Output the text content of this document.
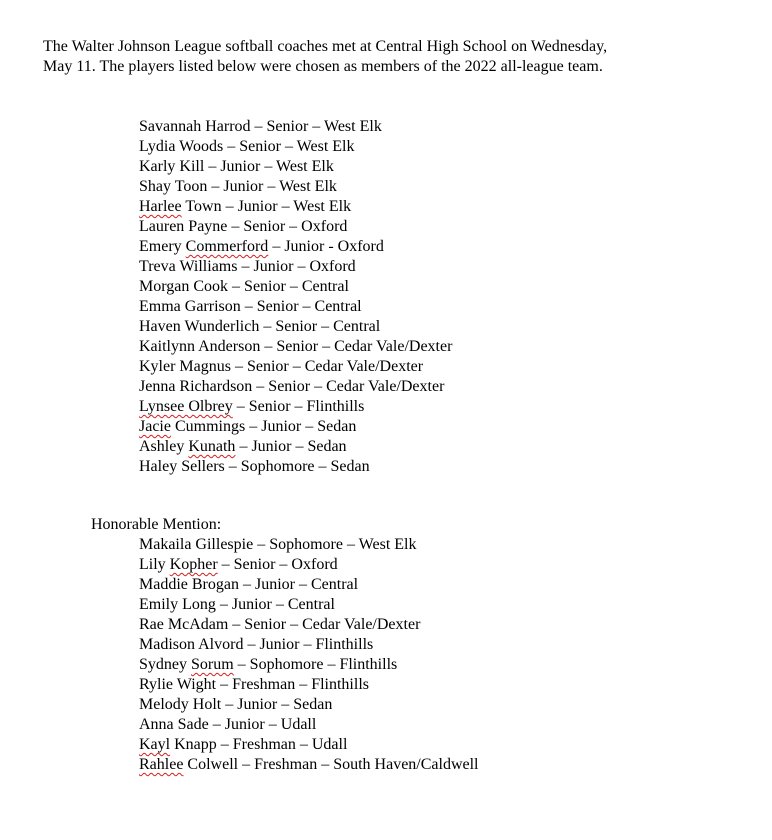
The Walter Johnson League softball coaches met at Central High School on Wednesday,

May 11. The players listed below were chosen as members of the 2022 all-league team.

Savannah Harrod – Senior – West Elk
Lydia Woods – Senior – West Elk
Karly Kill – Junior – West Elk
Shay Toon – Junior – West Elk
Harlee Town – Junior – West Elk
Lauren Payne – Senior – Oxford
Emery Commerford – Junior - Oxford
Treva Williams – Junior – Oxford
Morgan Cook – Senior – Central
Emma Garrison – Senior – Central
Haven Wunderlich – Senior – Central
Kaitlynn Anderson – Senior – Cedar Vale/Dexter
Kyler Magnus – Senior – Cedar Vale/Dexter
Jenna Richardson – Senior – Cedar Vale/Dexter
Lynsee Olbrey – Senior – Flinthills
Jacie Cummings – Junior – Sedan
Ashley Kunath – Junior – Sedan
Haley Sellers – Sophomore – Sedan

Honorable Mention:

Makaila Gillespie – Sophomore – West Elk
Lily Kopher – Senior – Oxford
Maddie Brogan – Junior – Central
Emily Long – Junior – Central
Rae McAdam – Senior – Cedar Vale/Dexter
Madison Alvord – Junior – Flinthills
Sydney Sorum – Sophomore – Flinthills
Rylie Wight – Freshman – Flinthills
Melody Holt – Junior – Sedan
Anna Sade – Junior – Udall
Kayl Knapp – Freshman – Udall
Rahlee Colwell – Freshman – South Haven/Caldwell
